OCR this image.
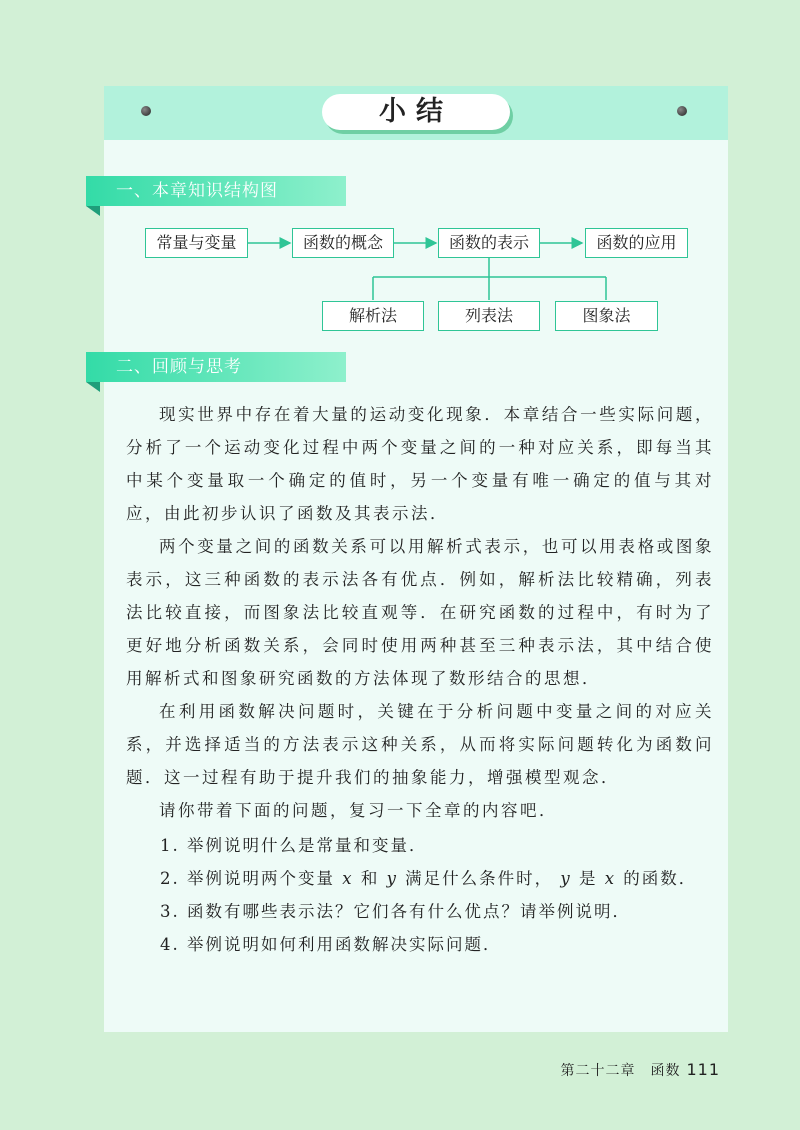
小结
一、本章知识结构图
常量与变量	函数的概念	函数的表示	函数的应用
解析法	列表法	图象法
二、回顾与思考

现实世界中存在着大量的运动变化现象．本章结合一些实际问题，分析了一个运动变化过程中两个变量之间的一种对应关系，即每当其中某个变量取一个确定的值时，另一个变量有唯一确定的值与其对应，由此初步认识了函数及其表示法．

两个变量之间的函数关系可以用解析式表示，也可以用表格或图象表示，这三种函数的表示法各有优点．例如，解析法比较精确，列表法比较直接，而图象法比较直观等．在研究函数的过程中，有时为了更好地分析函数关系，会同时使用两种甚至三种表示法，其中结合使用解析式和图象研究函数的方法体现了数形结合的思想．

在利用函数解决问题时，关键在于分析问题中变量之间的对应关系，并选择适当的方法表示这种关系，从而将实际问题转化为函数问题．这一过程有助于提升我们的抽象能力，增强模型观念．

请你带着下面的问题，复习一下全章的内容吧．

1. 举例说明什么是常量和变量．
2. 举例说明两个变量 x 和 y 满足什么条件时， y 是 x 的函数．
3. 函数有哪些表示法？它们各有什么优点？请举例说明．
4. 举例说明如何利用函数解决实际问题．
第二十二章　函数 111
